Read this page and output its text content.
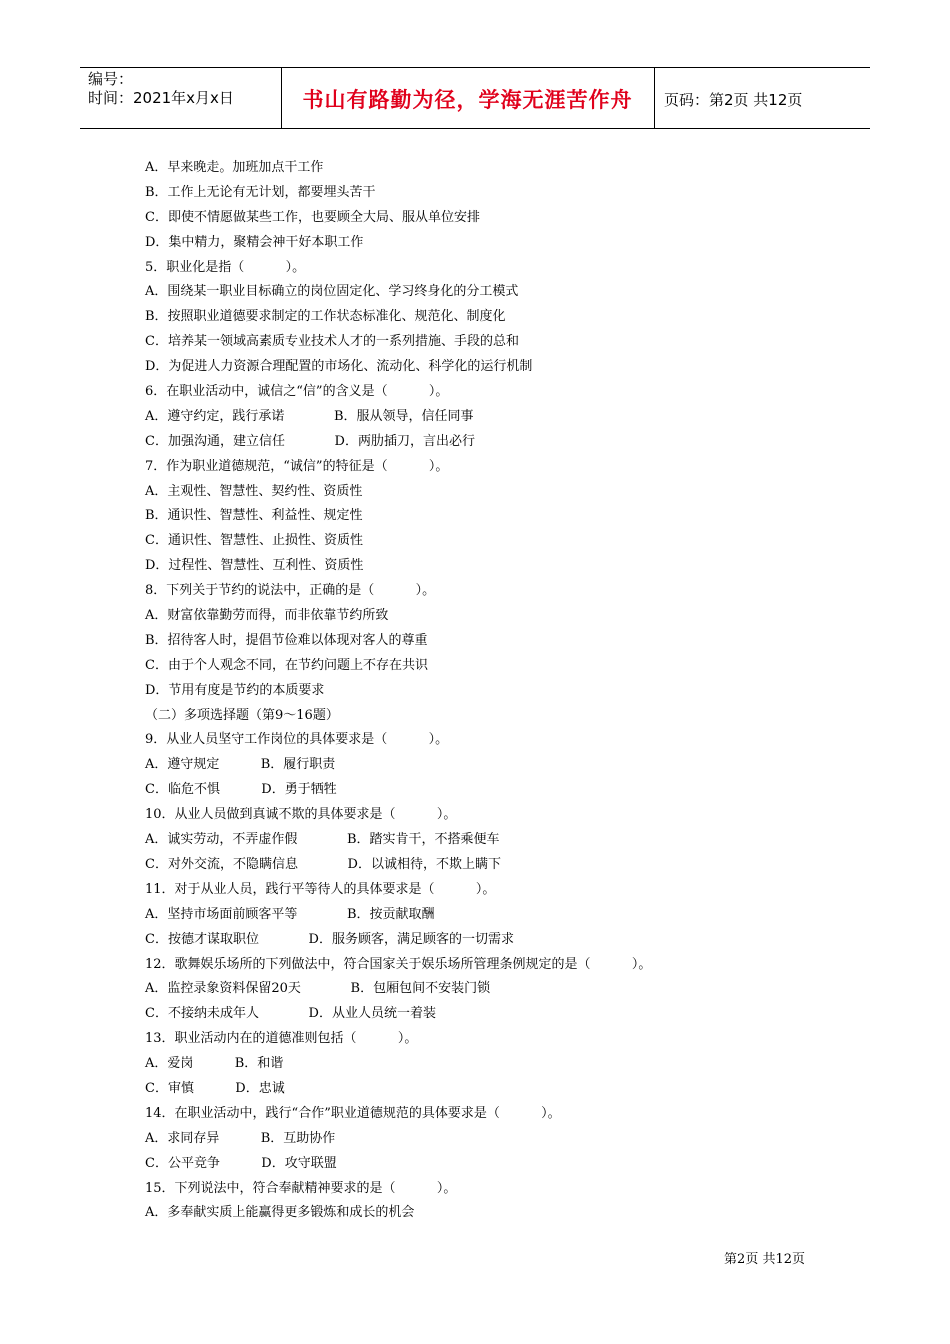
编号：
时间：2021年x月x日	书山有路勤为径，学海无涯苦作舟	页码：第2页 共12页
A．早来晚走。加班加点干工作
B．工作上无论有无计划，都要埋头苦干
C．即使不情愿做某些工作，也要顾全大局、服从单位安排
D．集中精力，聚精会神干好本职工作
5．职业化是指（          ）。
A．围绕某一职业目标确立的岗位固定化、学习终身化的分工模式
B．按照职业道德要求制定的工作状态标准化、规范化、制度化
C．培养某一领域高素质专业技术人才的一系列措施、手段的总和
D．为促进人力资源合理配置的市场化、流动化、科学化的运行机制
6．在职业活动中，诚信之“信”的含义是（          ）。
A．遵守约定，践行承诺            B．服从领导，信任同事
C．加强沟通，建立信任            D．两肋插刀，言出必行
7．作为职业道德规范，“诚信”的特征是（          ）。
A．主观性、智慧性、契约性、资质性
B．通识性、智慧性、利益性、规定性
C．通识性、智慧性、止损性、资质性
D．过程性、智慧性、互利性、资质性
8．下列关于节约的说法中，正确的是（          ）。
A．财富依靠勤劳而得，而非依靠节约所致
B．招待客人时，提倡节俭难以体现对客人的尊重
C．由于个人观念不同，在节约问题上不存在共识
D．节用有度是节约的本质要求
（二）多项选择题（第9～16题）
9．从业人员坚守工作岗位的具体要求是（          ）。
A．遵守规定          B．履行职责
C．临危不惧          D．勇于牺牲
10．从业人员做到真诚不欺的具体要求是（          ）。
A．诚实劳动，不弄虚作假            B．踏实肯干，不搭乘便车
C．对外交流，不隐瞒信息            D．以诚相待，不欺上瞒下
11．对于从业人员，践行平等待人的具体要求是（          ）。
A．坚持市场面前顾客平等            B．按贡献取酬
C．按德才谋取职位            D．服务顾客，满足顾客的一切需求
12．歌舞娱乐场所的下列做法中，符合国家关于娱乐场所管理条例规定的是（          ）。
A．监控录象资料保留20天            B．包厢包间不安装门锁
C．不接纳未成年人            D．从业人员统一着装
13．职业活动内在的道德准则包括（          ）。
A．爱岗          B．和谐
C．审慎          D．忠诚
14．在职业活动中，践行“合作”职业道德规范的具体要求是（          ）。
A．求同存异          B．互助协作
C．公平竞争          D．攻守联盟
15．下列说法中，符合奉献精神要求的是（          ）。
A．多奉献实质上能赢得更多锻炼和成长的机会
第2页 共12页
